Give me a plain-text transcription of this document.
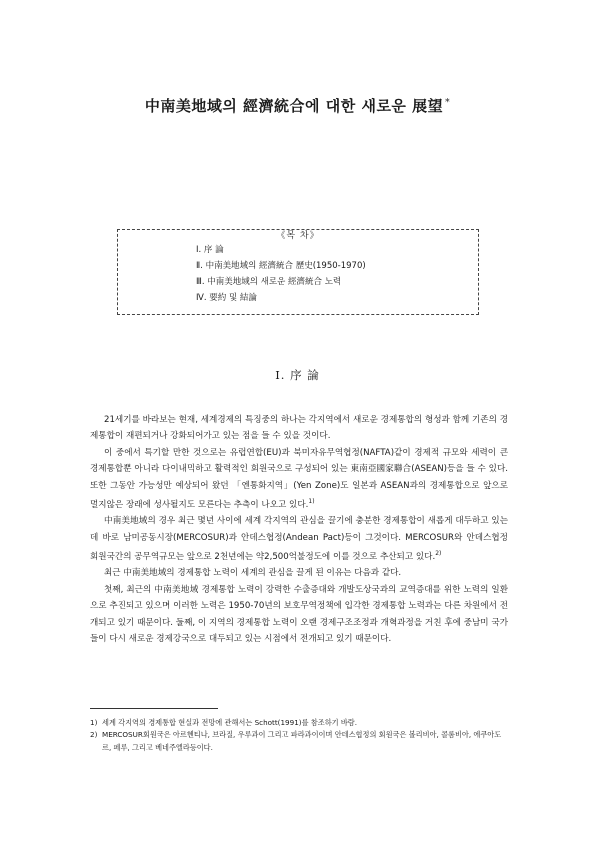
中南美地域의 經濟統合에 대한 새로운 展望 *
《목 차》
Ⅰ. 序 論
Ⅱ. 中南美地域의 經濟統合 歷史(1950-1970)
Ⅲ. 中南美地域의 새로운 經濟統合 노력
Ⅳ. 要約 및 結論
Ⅰ. 序 論

21세기를 바라보는 현재, 세계경제의 특징중의 하나는 각지역에서 새로운 경제통합의 형성과 함께 기존의 경제통합이 재편되거나 강화되어가고 있는 점을 들 수 있을 것이다.

이 중에서 특기할 만한 것으로는 유럽연합(EU)과 북미자유무역협정(NAFTA)같이 경제적 규모와 세력이 큰 경제통합뿐 아니라 다이내믹하고 활력적인 회원국으로 구성되어 있는 東南亞國家聯合(ASEAN)등을 들 수 있다. 또한 그동안 가능성만 예상되어 왔던 「엔통화지역」(Yen Zone)도 일본과 ASEAN과의 경제통합으로 앞으로 멀지않은 장래에 성사될지도 모른다는 추측이 나오고 있다.$^{1)}$

中南美地域의 경우 최근 몇년 사이에 세계 각지역의 관심을 끌기에 충분한 경제통합이 새롭게 대두하고 있는데 바로 남미공동시장(MERCOSUR)과 안데스협정(Andean Pact)등이 그것이다. MERCOSUR와 안데스협정 회원국간의 공무역규모는 앞으로 2천년에는 약2,500억불정도에 이를 것으로 추산되고 있다.$^{2)}$

최근 中南美地域의 경제통합 노력이 세계의 관심을 끌게 된 이유는 다음과 같다.

첫째, 최근의 中南美地域 경제통합 노력이 강력한 수출증대와 개발도상국과의 교역증대를 위한 노력의 일환으로 추진되고 있으며 이러한 노력은 1950-70년의 보호무역정책에 입각한 경제통합 노력과는 다른 차원에서 전개되고 있기 때문이다. 둘째, 이 지역의 경제통합 노력이 오랜 경제구조조정과 개혁과정을 거친 후에 중남미 국가들이 다시 새로운 경제강국으로 대두되고 있는 시점에서 전개되고 있기 때문이다.

1) 세계 각지역의 경제통합 현실과 전망에 관해서는 Schott(1991)를 참조하기 바람.
2) MERCOSUR회원국은 아르헨티나, 브라질, 우루과이 그리고 파라과이이며 안데스협정의 회원국은 볼리비아, 콜롬비아, 에쿠아도르, 페루, 그리고 베네주엘라등이다.
